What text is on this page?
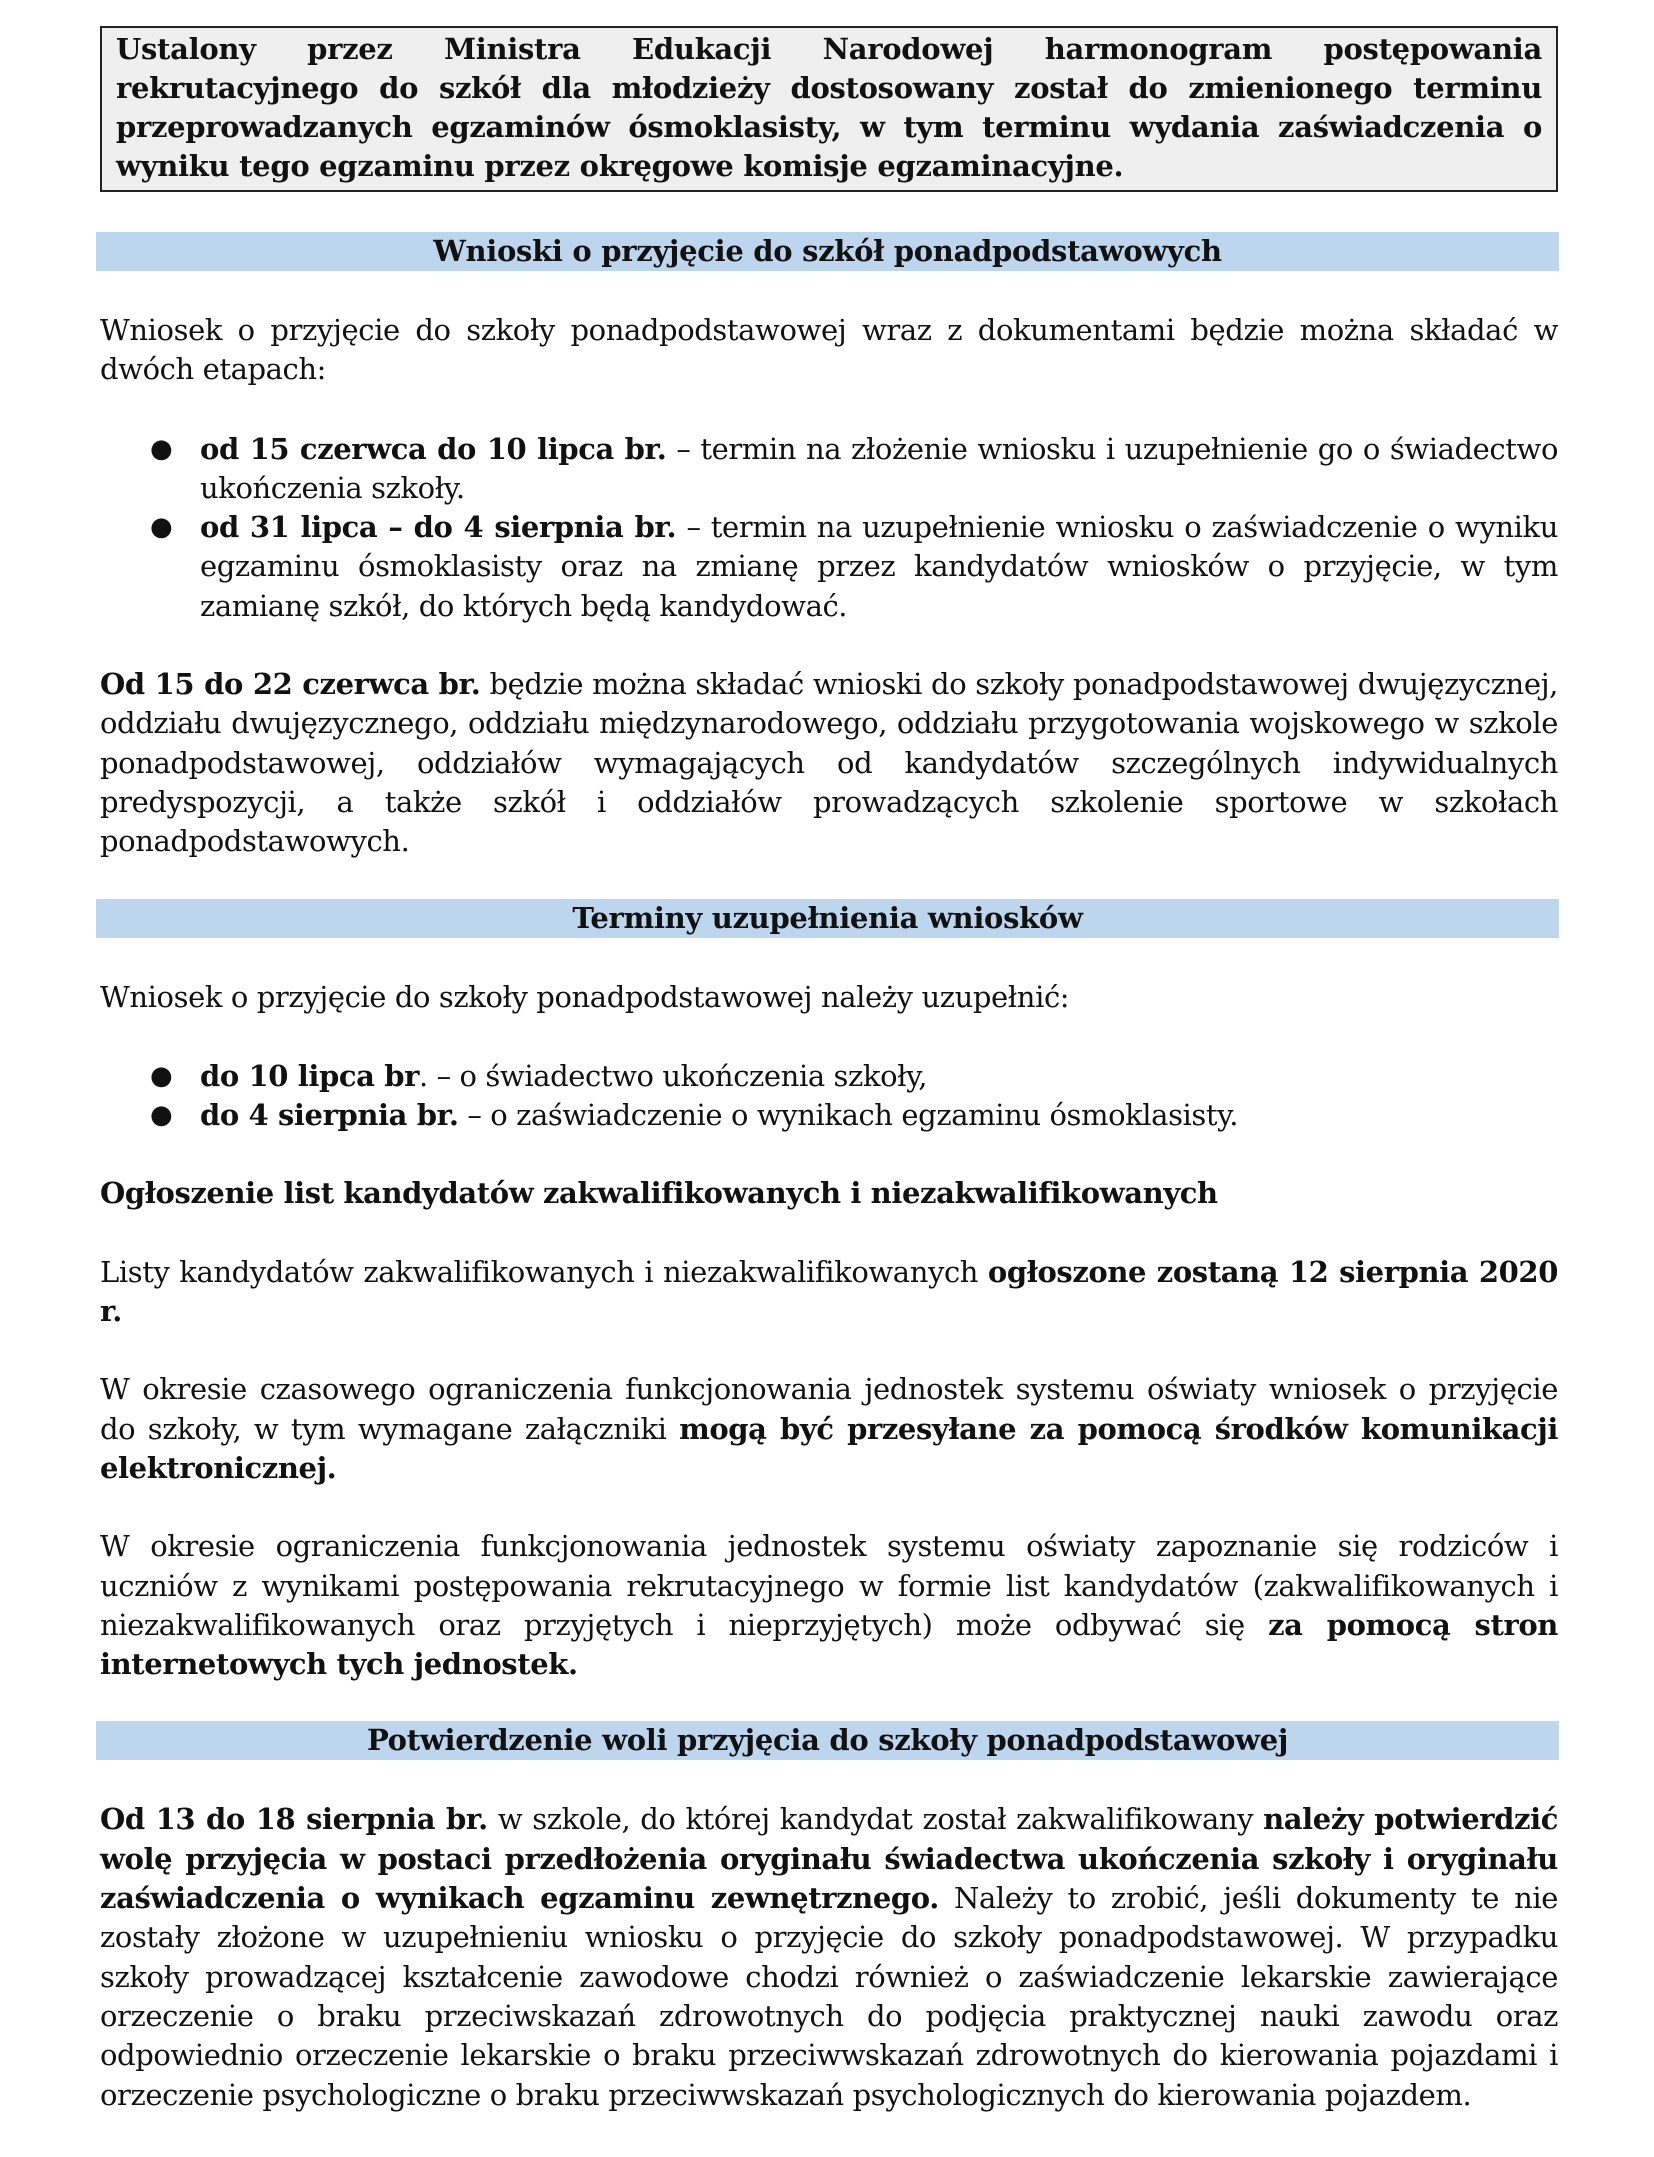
Ustalony przez Ministra Edukacji Narodowej harmonogram postępowania rekrutacyjnego do szkół dla młodzieży dostosowany został do zmienionego terminu przeprowadzanych egzaminów ósmoklasisty, w tym terminu wydania zaświadczenia o wyniku tego egzaminu przez okręgowe komisje egzaminacyjne.
Wnioski o przyjęcie do szkół ponadpodstawowych

Wniosek o przyjęcie do szkoły ponadpodstawowej wraz z dokumentami będzie można składać w dwóch etapach:

● od 15 czerwca do 10 lipca br. – termin na złożenie wniosku i uzupełnienie go o świadectwo ukończenia szkoły.
● od 31 lipca – do 4 sierpnia br. – termin na uzupełnienie wniosku o zaświadczenie o wyniku egzaminu ósmoklasisty oraz na zmianę przez kandydatów wniosków o przyjęcie, w tym zamianę szkół, do których będą kandydować.

Od 15 do 22 czerwca br. będzie można składać wnioski do szkoły ponadpodstawowej dwujęzycznej, oddziału dwujęzycznego, oddziału międzynarodowego, oddziału przygotowania wojskowego w szkole ponadpodstawowej, oddziałów wymagających od kandydatów szczególnych indywidualnych predyspozycji, a także szkół i oddziałów prowadzących szkolenie sportowe w szkołach ponadpodstawowych.

Terminy uzupełnienia wniosków

Wniosek o przyjęcie do szkoły ponadpodstawowej należy uzupełnić:

● do 10 lipca br. – o świadectwo ukończenia szkoły,
● do 4 sierpnia br. – o zaświadczenie o wynikach egzaminu ósmoklasisty.

Ogłoszenie list kandydatów zakwalifikowanych i niezakwalifikowanych

Listy kandydatów zakwalifikowanych i niezakwalifikowanych ogłoszone zostaną 12 sierpnia 2020 r.

W okresie czasowego ograniczenia funkcjonowania jednostek systemu oświaty wniosek o przyjęcie do szkoły, w tym wymagane załączniki mogą być przesyłane za pomocą środków komunikacji elektronicznej.

W okresie ograniczenia funkcjonowania jednostek systemu oświaty zapoznanie się rodziców i uczniów z wynikami postępowania rekrutacyjnego w formie list kandydatów (zakwalifikowanych i niezakwalifikowanych oraz przyjętych i nieprzyjętych) może odbywać się za pomocą stron internetowych tych jednostek.

Potwierdzenie woli przyjęcia do szkoły ponadpodstawowej

Od 13 do 18 sierpnia br. w szkole, do której kandydat został zakwalifikowany należy potwierdzić wolę przyjęcia w postaci przedłożenia oryginału świadectwa ukończenia szkoły i oryginału zaświadczenia o wynikach egzaminu zewnętrznego. Należy to zrobić, jeśli dokumenty te nie zostały złożone w uzupełnieniu wniosku o przyjęcie do szkoły ponadpodstawowej. W przypadku szkoły prowadzącej kształcenie zawodowe chodzi również o zaświadczenie lekarskie zawierające orzeczenie o braku przeciwskazań zdrowotnych do podjęcia praktycznej nauki zawodu oraz odpowiednio orzeczenie lekarskie o braku przeciwwskazań zdrowotnych do kierowania pojazdami i orzeczenie psychologiczne o braku przeciwwskazań psychologicznych do kierowania pojazdem.
